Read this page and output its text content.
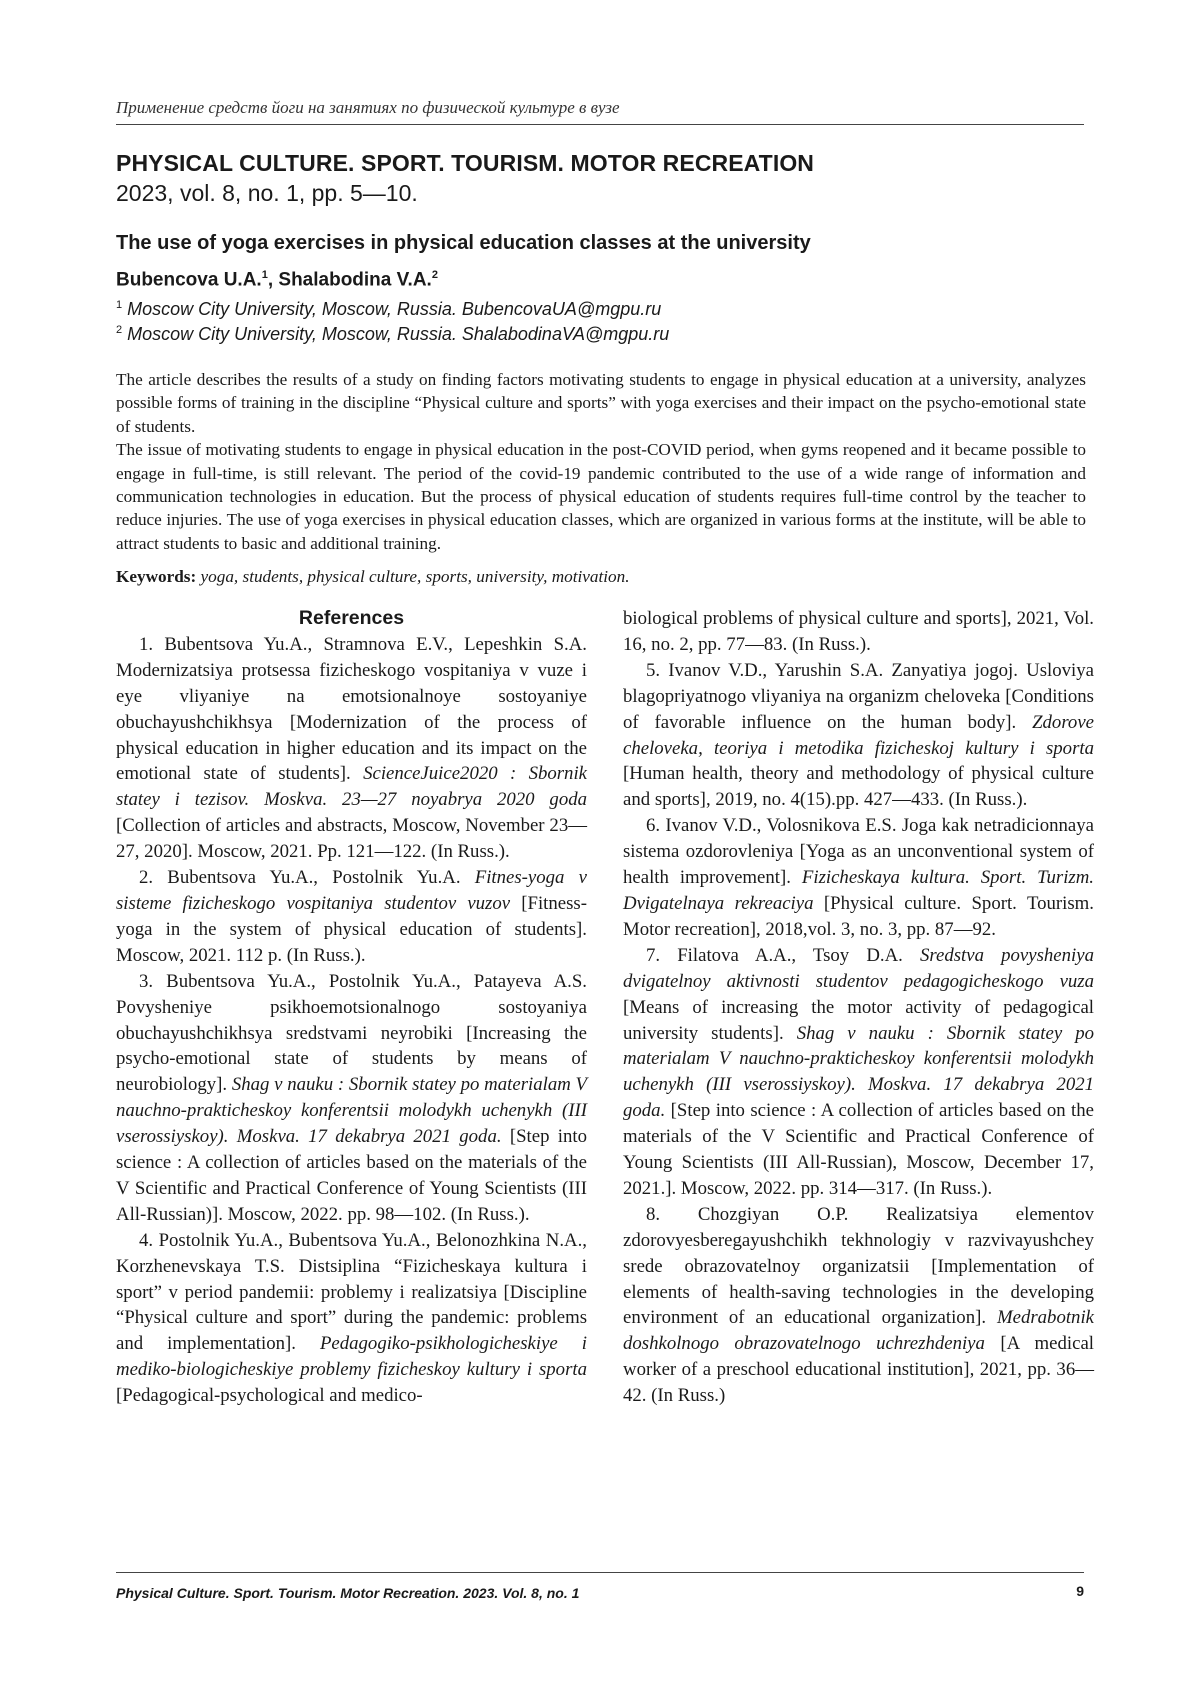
Применение средств йоги на занятиях по физической культуре в вузе
PHYSICAL CULTURE. SPORT. TOURISM. MOTOR RECREATION
2023, vol. 8, no. 1, pp. 5—10.
The use of yoga exercises in physical education classes at the university
Bubencova U.A.$^1$, Shalabodina V.A.$^2$
$^1$ Moscow City University, Moscow, Russia. BubencovaUA@mgpu.ru
$^2$ Moscow City University, Moscow, Russia. ShalabodinaVA@mgpu.ru

The article describes the results of a study on finding factors motivating students to engage in physical education at a university, analyzes possible forms of training in the discipline “Physical culture and sports” with yoga exercises and their impact on the psycho-emotional state of students.

The issue of motivating students to engage in physical education in the post-COVID period, when gyms reopened and it became possible to engage in full-time, is still relevant. The period of the covid-19 pandemic contributed to the use of a wide range of information and communication technologies in education. But the process of physical education of students requires full-time control by the teacher to reduce injuries. The use of yoga exercises in physical education classes, which are organized in various forms at the institute, will be able to attract students to basic and additional training.

Keywords: yoga, students, physical culture, sports, university, motivation.

References

1. Bubentsova Yu.A., Stramnova E.V., Lepeshkin S.A. Modernizatsiya protsessa fizicheskogo vospitaniya v vuze i eye vliyaniye na emotsionalnoye sostoyaniye obuchayushchikhsya [Modernization of the process of physical education in higher education and its impact on the emotional state of students]. ScienceJuice2020 : Sbornik statey i tezisov. Moskva. 23—27 noyabrya 2020 goda [Collection of articles and abstracts, Moscow, November 23—27, 2020]. Moscow, 2021. Pp. 121—122. (In Russ.).

2. Bubentsova Yu.A., Postolnik Yu.A. Fitnes-yoga v sisteme fizicheskogo vospitaniya studentov vuzov [Fitness-yoga in the system of physical education of students]. Moscow, 2021. 112 p. (In Russ.).

3. Bubentsova Yu.A., Postolnik Yu.A., Patayeva A.S. Povysheniye psikhoemotsionalnogo sostoyaniya obuchayushchikhsya sredstvami neyrobiki [Increasing the psycho-emotional state of students by means of neurobiology]. Shag v nauku : Sbornik statey po materialam V nauchno-prakticheskoy konferentsii molodykh uchenykh (III vserossiyskoy). Moskva. 17 dekabrya 2021 goda. [Step into science : A collection of articles based on the materials of the V Scientific and Practical Conference of Young Scientists (III All-Russian)]. Moscow, 2022. pp. 98—102. (In Russ.).

4. Postolnik Yu.A., Bubentsova Yu.A., Belonozhkina N.A., Korzhenevskaya T.S. Distsiplina “Fizicheskaya kultura i sport” v period pandemii: problemy i realizatsiya [Discipline “Physical culture and sport” during the pandemic: problems and implementation]. Pedagogiko-psikhologicheskiye i mediko-biologicheskiye problemy fizicheskoy kultury i sporta [Pedagogical-psychological and medico-

biological problems of physical culture and sports], 2021, Vol. 16, no. 2, pp. 77—83. (In Russ.).

5. Ivanov V.D., Yarushin S.A. Zanyatiya jogoj. Usloviya blagopriyatnogo vliyaniya na organizm cheloveka [Conditions of favorable influence on the human body]. Zdorove cheloveka, teoriya i metodika fizicheskoj kultury i sporta [Human health, theory and methodology of physical culture and sports], 2019, no. 4(15).pp. 427—433. (In Russ.).

6. Ivanov V.D., Volosnikova E.S. Joga kak netradicionnaya sistema ozdorovleniya [Yoga as an unconventional system of health improvement]. Fizicheskaya kultura. Sport. Turizm. Dvigatelnaya rekreaciya [Physical culture. Sport. Tourism. Motor recreation], 2018,vol. 3, no. 3, pp. 87—92.

7. Filatova A.A., Tsoy D.A. Sredstva povysheniya dvigatelnoy aktivnosti studentov pedagogicheskogo vuza [Means of increasing the motor activity of pedagogical university students]. Shag v nauku : Sbornik statey po materialam V nauchno-prakticheskoy konferentsii molodykh uchenykh (III vserossiyskoy). Moskva. 17 dekabrya 2021 goda. [Step into science : A collection of articles based on the materials of the V Scientific and Practical Conference of Young Scientists (III All-Russian), Moscow, December 17, 2021.]. Moscow, 2022. pp. 314—317. (In Russ.).

8. Chozgiyan O.P. Realizatsiya elementov zdorovyesberegayushchikh tekhnologiy v razvivayushchey srede obrazovatelnoy organizatsii [Implementation of elements of health-saving technologies in the developing environment of an educational organization]. Medrabotnik doshkolnogo obrazovatelnogo uchrezhdeniya [A medical worker of a preschool educational institution], 2021, pp. 36—42. (In Russ.)

Physical Culture. Sport. Tourism. Motor Recreation. 2023. Vol. 8, no. 1	9
